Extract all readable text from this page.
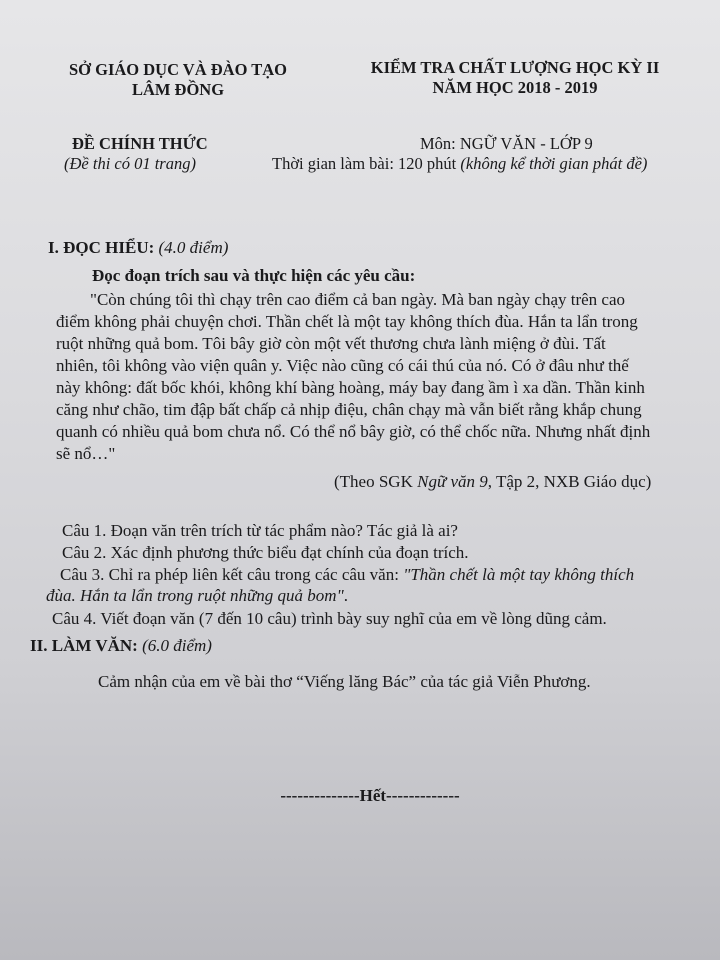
SỞ GIÁO DỤC VÀ ĐÀO TẠO
LÂM ĐỒNG
KIỂM TRA CHẤT LƯỢNG HỌC KỲ II
NĂM HỌC 2018 - 2019
ĐỀ CHÍNH THỨC
(Đề thi có 01 trang)
Môn: NGỮ VĂN - LỚP 9
Thời gian làm bài: 120 phút (không kể thời gian phát đề)
I. ĐỌC HIỂU: (4.0 điểm)
Đọc đoạn trích sau và thực hiện các yêu cầu:

"Còn chúng tôi thì chạy trên cao điểm cả ban ngày. Mà ban ngày chạy trên cao

điểm không phải chuyện chơi. Thần chết là một tay không thích đùa. Hắn ta lẩn trong

ruột những quả bom. Tôi bây giờ còn một vết thương chưa lành miệng ở đùi. Tất

nhiên, tôi không vào viện quân y. Việc nào cũng có cái thú của nó. Có ở đâu như thế

này không: đất bốc khói, không khí bàng hoàng, máy bay đang ầm ì xa dần. Thần kinh

căng như chão, tim đập bất chấp cả nhịp điệu, chân chạy mà vẫn biết rằng khắp chung

quanh có nhiều quả bom chưa nổ. Có thể nổ bây giờ, có thể chốc nữa. Nhưng nhất định

sẽ nổ…"

(Theo SGK Ngữ văn 9, Tập 2, NXB Giáo dục)
Câu 1. Đoạn văn trên trích từ tác phẩm nào? Tác giả là ai?
Câu 2. Xác định phương thức biểu đạt chính của đoạn trích.
Câu 3. Chỉ ra phép liên kết câu trong các câu văn: "Thần chết là một tay không thích
đùa. Hắn ta lẩn trong ruột những quả bom".
Câu 4. Viết đoạn văn (7 đến 10 câu) trình bày suy nghĩ của em về lòng dũng cảm.
II. LÀM VĂN: (6.0 điểm)
Cảm nhận của em về bài thơ “Viếng lăng Bác” của tác giả Viễn Phương.
--------------Hết-------------
